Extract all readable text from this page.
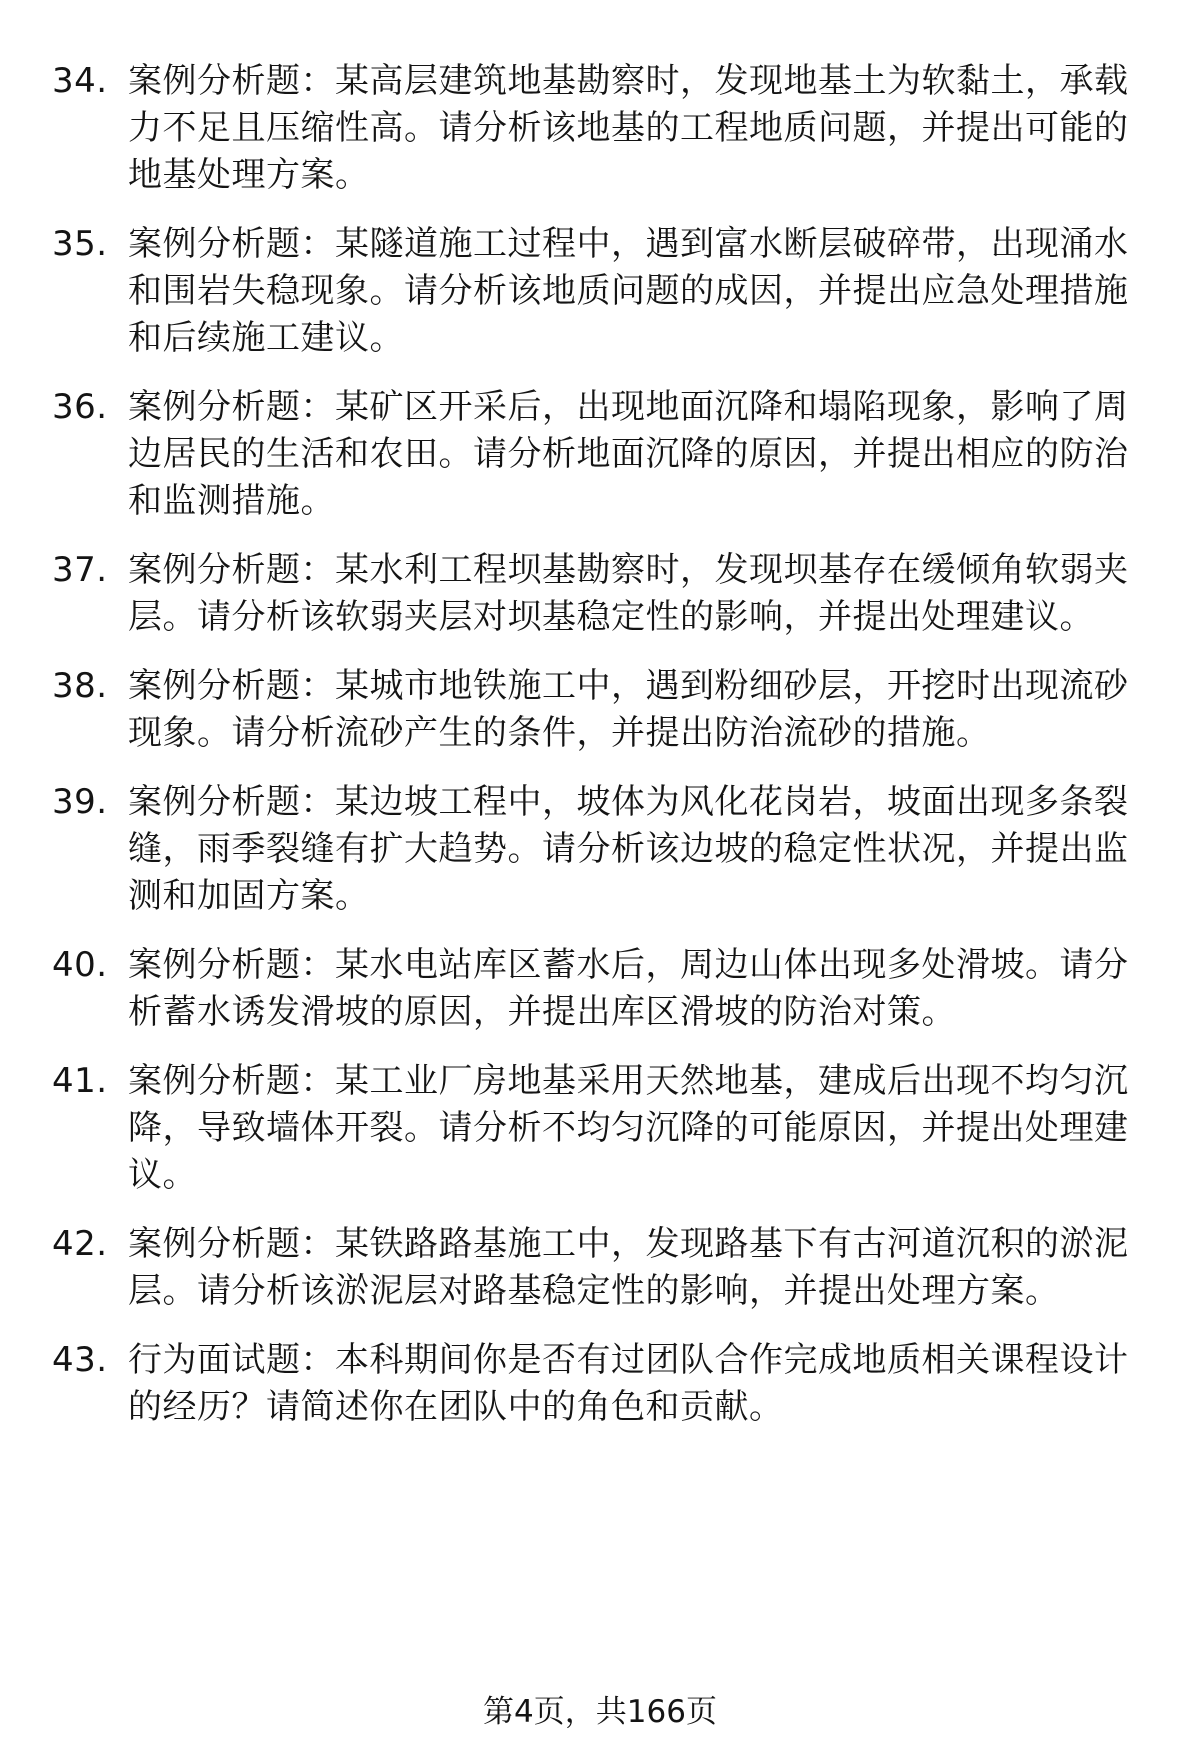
34. 案例分析题：某高层建筑地基勘察时，发现地基土为软黏土，承载力不足且压缩性高。请分析该地基的工程地质问题，并提出可能的地基处理方案。
35. 案例分析题：某隧道施工过程中，遇到富水断层破碎带，出现涌水和围岩失稳现象。请分析该地质问题的成因，并提出应急处理措施和后续施工建议。
36. 案例分析题：某矿区开采后，出现地面沉降和塌陷现象，影响了周边居民的生活和农田。请分析地面沉降的原因，并提出相应的防治和监测措施。
37. 案例分析题：某水利工程坝基勘察时，发现坝基存在缓倾角软弱夹层。请分析该软弱夹层对坝基稳定性的影响，并提出处理建议。
38. 案例分析题：某城市地铁施工中，遇到粉细砂层，开挖时出现流砂现象。请分析流砂产生的条件，并提出防治流砂的措施。
39. 案例分析题：某边坡工程中，坡体为风化花岗岩，坡面出现多条裂缝，雨季裂缝有扩大趋势。请分析该边坡的稳定性状况，并提出监测和加固方案。
40. 案例分析题：某水电站库区蓄水后，周边山体出现多处滑坡。请分析蓄水诱发滑坡的原因，并提出库区滑坡的防治对策。
41. 案例分析题：某工业厂房地基采用天然地基，建成后出现不均匀沉降，导致墙体开裂。请分析不均匀沉降的可能原因，并提出处理建议。
42. 案例分析题：某铁路路基施工中，发现路基下有古河道沉积的淤泥层。请分析该淤泥层对路基稳定性的影响，并提出处理方案。
43. 行为面试题：本科期间你是否有过团队合作完成地质相关课程设计的经历？请简述你在团队中的角色和贡献。
第4页，共166页
